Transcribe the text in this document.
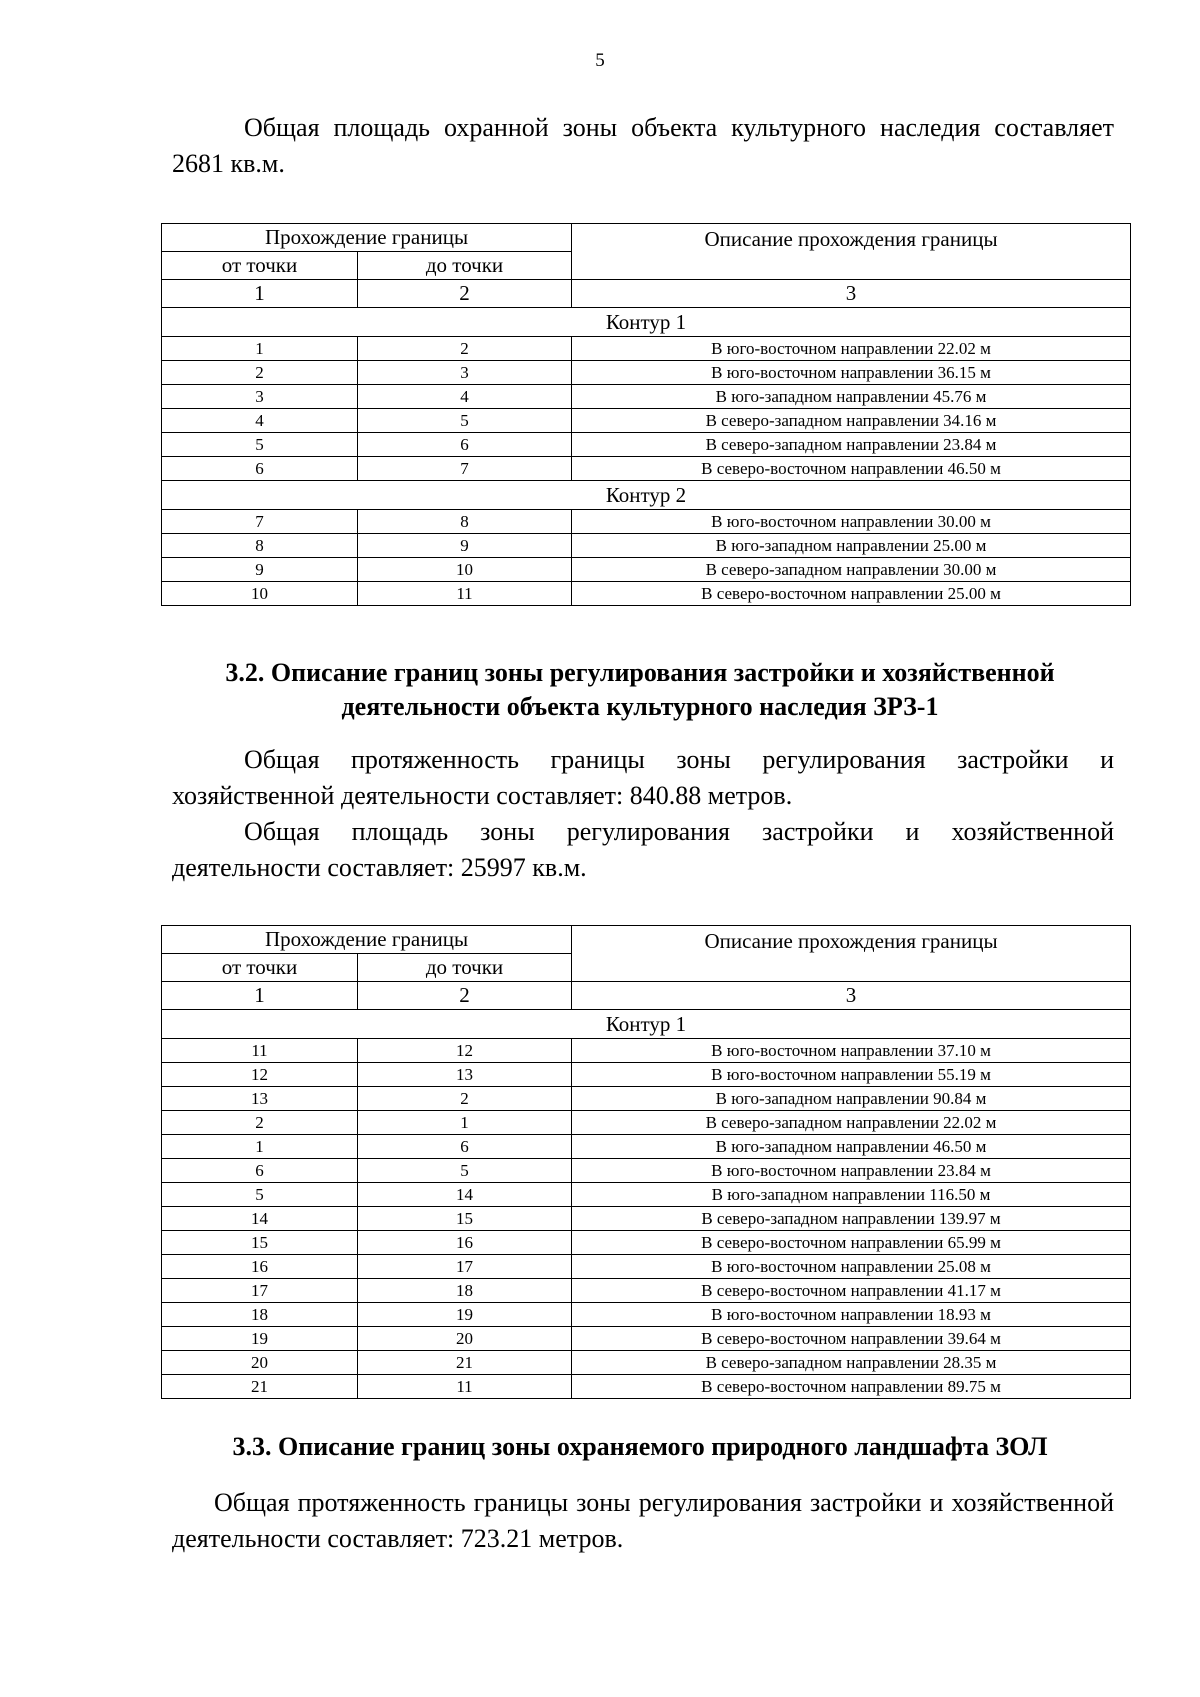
5
Общая площадь охранной зоны объекта культурного наследия составляет 2681 кв.м.
Прохождение границы		Описание прохождения границы
от точки	до точки	
1	2	3
Контур 1		
1	2	В юго-восточном направлении 22.02 м
2	3	В юго-восточном направлении 36.15 м
3	4	В юго-западном направлении 45.76 м
4	5	В северо-западном направлении 34.16 м
5	6	В северо-западном направлении 23.84 м
6	7	В северо-восточном направлении 46.50 м
Контур 2		
7	8	В юго-восточном направлении 30.00 м
8	9	В юго-западном направлении 25.00 м
9	10	В северо-западном направлении 30.00 м
10	11	В северо-восточном направлении 25.00 м
3.2. Описание границ зоны регулирования застройки и хозяйственной
деятельности объекта культурного наследия ЗРЗ-1
Общая протяженность границы зоны регулирования застройки и хозяйственной деятельности составляет: 840.88 метров.
Общая площадь зоны регулирования застройки и хозяйственной деятельности составляет: 25997 кв.м.
Прохождение границы		Описание прохождения границы
от точки	до точки	
1	2	3
Контур 1		
11	12	В юго-восточном направлении 37.10 м
12	13	В юго-восточном направлении 55.19 м
13	2	В юго-западном направлении 90.84 м
2	1	В северо-западном направлении 22.02 м
1	6	В юго-западном направлении 46.50 м
6	5	В юго-восточном направлении 23.84 м
5	14	В юго-западном направлении 116.50 м
14	15	В северо-западном направлении 139.97 м
15	16	В северо-восточном направлении 65.99 м
16	17	В юго-восточном направлении 25.08 м
17	18	В северо-восточном направлении 41.17 м
18	19	В юго-восточном направлении 18.93 м
19	20	В северо-восточном направлении 39.64 м
20	21	В северо-западном направлении 28.35 м
21	11	В северо-восточном направлении 89.75 м
3.3. Описание границ зоны охраняемого природного ландшафта ЗОЛ
Общая протяженность границы зоны регулирования застройки и хозяйственной деятельности составляет: 723.21 метров.
